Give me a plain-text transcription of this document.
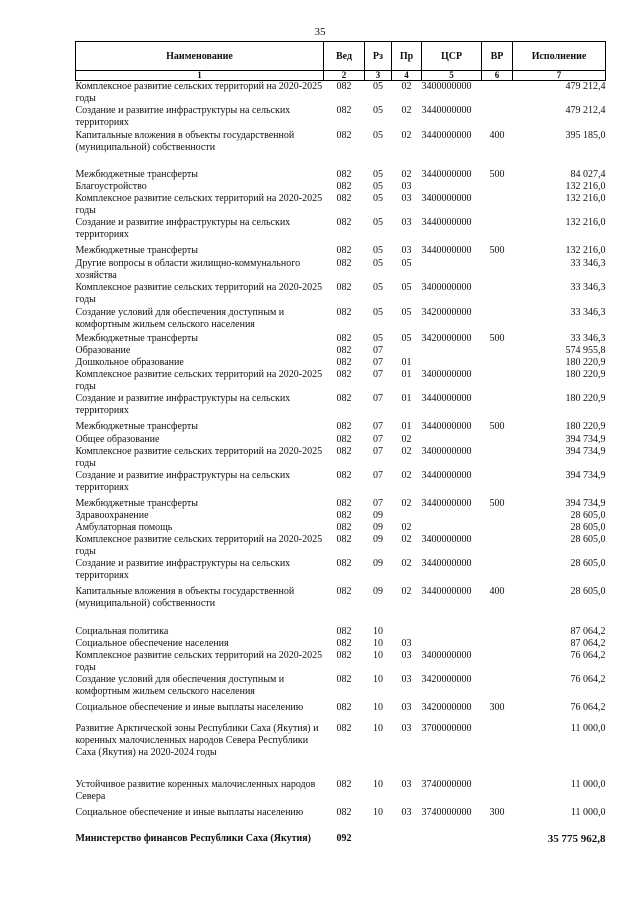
35
Наименование	Вед	Рз	Пр	ЦСР	ВР	Исполнение
1	2	3	4	5	6	7
Комплексное развитие сельских территорий на 2020-2025 годы	082	05	02	3400000000		479 212,4
Создание и развитие инфраструктуры на сельских территориях	082	05	02	3440000000		479 212,4
Капитальные вложения в объекты государственной (муниципальной) собственности	082	05	02	3440000000	400	395 185,0
Межбюджетные трансферты	082	05	02	3440000000	500	84 027,4
Благоустройство	082	05	03			132 216,0
Комплексное развитие сельских территорий на 2020-2025 годы	082	05	03	3400000000		132 216,0
Создание и развитие инфраструктуры на сельских территориях	082	05	03	3440000000		132 216,0
Межбюджетные трансферты	082	05	03	3440000000	500	132 216,0
Другие вопросы в области жилищно-коммунального хозяйства	082	05	05			33 346,3
Комплексное развитие сельских территорий на 2020-2025 годы	082	05	05	3400000000		33 346,3
Создание условий для обеспечения доступным и комфортным жильем сельского населения	082	05	05	3420000000		33 346,3
Межбюджетные трансферты	082	05	05	3420000000	500	33 346,3
Образование	082	07				574 955,8
Дошкольное образование	082	07	01			180 220,9
Комплексное развитие сельских территорий на 2020-2025 годы	082	07	01	3400000000		180 220,9
Создание и развитие инфраструктуры на сельских территориях	082	07	01	3440000000		180 220,9
Межбюджетные трансферты	082	07	01	3440000000	500	180 220,9
Общее образование	082	07	02			394 734,9
Комплексное развитие сельских территорий на 2020-2025 годы	082	07	02	3400000000		394 734,9
Создание и развитие инфраструктуры на сельских территориях	082	07	02	3440000000		394 734,9
Межбюджетные трансферты	082	07	02	3440000000	500	394 734,9
Здравоохранение	082	09				28 605,0
Амбулаторная помощь	082	09	02			28 605,0
Комплексное развитие сельских территорий на 2020-2025 годы	082	09	02	3400000000		28 605,0
Создание и развитие инфраструктуры на сельских территориях	082	09	02	3440000000		28 605,0
Капитальные вложения в объекты государственной (муниципальной) собственности	082	09	02	3440000000	400	28 605,0
Социальная политика	082	10				87 064,2
Социальное обеспечение населения	082	10	03			87 064,2
Комплексное развитие сельских территорий на 2020-2025 годы	082	10	03	3400000000		76 064,2
Создание условий для обеспечения доступным и комфортным жильем сельского населения	082	10	03	3420000000		76 064,2
Социальное обеспечение и иные выплаты населению	082	10	03	3420000000	300	76 064,2
Развитие Арктической зоны Республики Саха (Якутия) и коренных малочисленных народов Севера Республики Саха (Якутия) на 2020-2024 годы	082	10	03	3700000000		11 000,0
Устойчивое развитие коренных малочисленных народов Севера	082	10	03	3740000000		11 000,0
Социальное обеспечение и иные выплаты населению	082	10	03	3740000000	300	11 000,0
Министерство финансов Республики Саха (Якутия)	092					35 775 962,8
